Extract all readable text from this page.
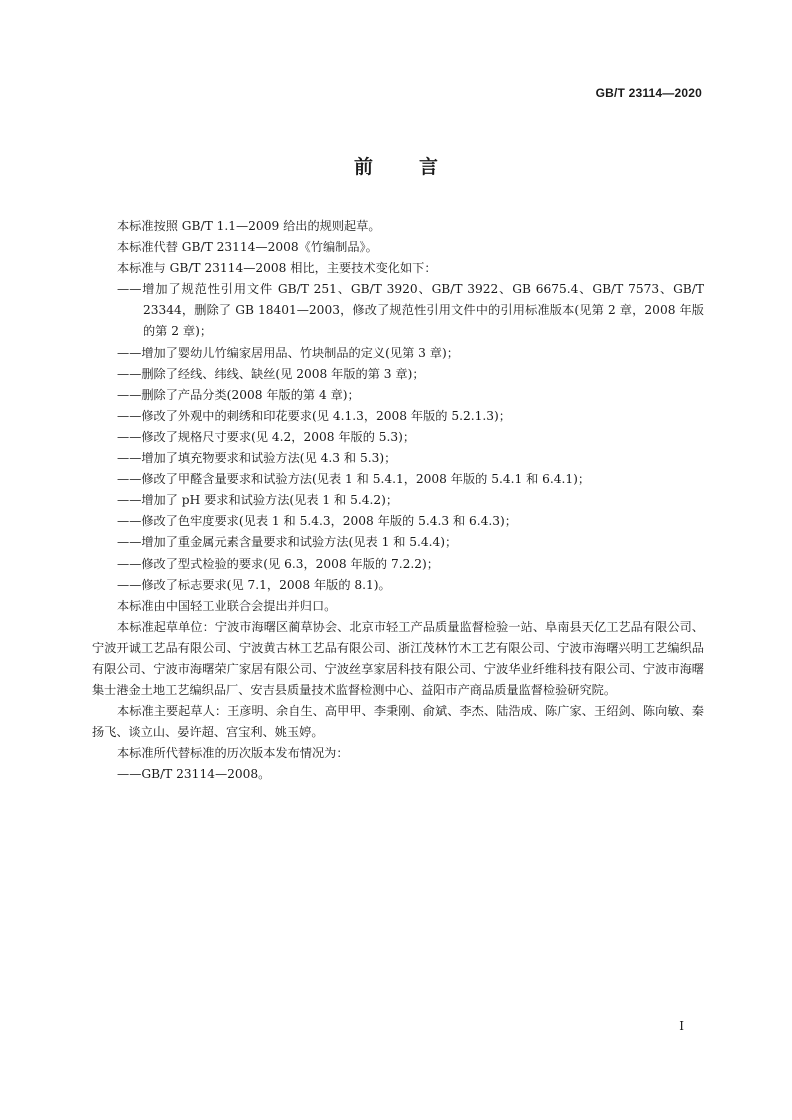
GB/T 23114—2020
前 言

本标准按照 GB/T 1.1—2009 给出的规则起草。

本标准代替 GB/T 23114—2008《竹编制品》。

本标准与 GB/T 23114—2008 相比，主要技术变化如下：

——增加了规范性引用文件 GB/T 251、GB/T 3920、GB/T 3922、GB 6675.4、GB/T 7573、GB/T 23344，删除了 GB 18401—2003，修改了规范性引用文件中的引用标准版本(见第 2 章，2008 年版的第 2 章)；

——增加了婴幼儿竹编家居用品、竹块制品的定义(见第 3 章)；

——删除了经线、纬线、缺丝(见 2008 年版的第 3 章)；

——删除了产品分类(2008 年版的第 4 章)；

——修改了外观中的刺绣和印花要求(见 4.1.3，2008 年版的 5.2.1.3)；

——修改了规格尺寸要求(见 4.2，2008 年版的 5.3)；

——增加了填充物要求和试验方法(见 4.3 和 5.3)；

——修改了甲醛含量要求和试验方法(见表 1 和 5.4.1，2008 年版的 5.4.1 和 6.4.1)；

——增加了 pH 要求和试验方法(见表 1 和 5.4.2)；

——修改了色牢度要求(见表 1 和 5.4.3，2008 年版的 5.4.3 和 6.4.3)；

——增加了重金属元素含量要求和试验方法(见表 1 和 5.4.4)；

——修改了型式检验的要求(见 6.3，2008 年版的 7.2.2)；

——修改了标志要求(见 7.1，2008 年版的 8.1)。

本标准由中国轻工业联合会提出并归口。

本标准起草单位：宁波市海曙区蔺草协会、北京市轻工产品质量监督检验一站、阜南县天亿工艺品有限公司、宁波开诚工艺品有限公司、宁波黄古林工艺品有限公司、浙江茂林竹木工艺有限公司、宁波市海曙兴明工艺编织品有限公司、宁波市海曙荣广家居有限公司、宁波丝享家居科技有限公司、宁波华业纤维科技有限公司、宁波市海曙集士港金土地工艺编织品厂、安吉县质量技术监督检测中心、益阳市产商品质量监督检验研究院。

本标准主要起草人：王彦明、余自生、高甲甲、李秉刚、俞斌、李杰、陆浩成、陈广家、王绍剑、陈向敏、秦扬飞、谈立山、晏许超、宫宝利、姚玉婷。

本标准所代替标准的历次版本发布情况为：

——GB/T 23114—2008。

I
